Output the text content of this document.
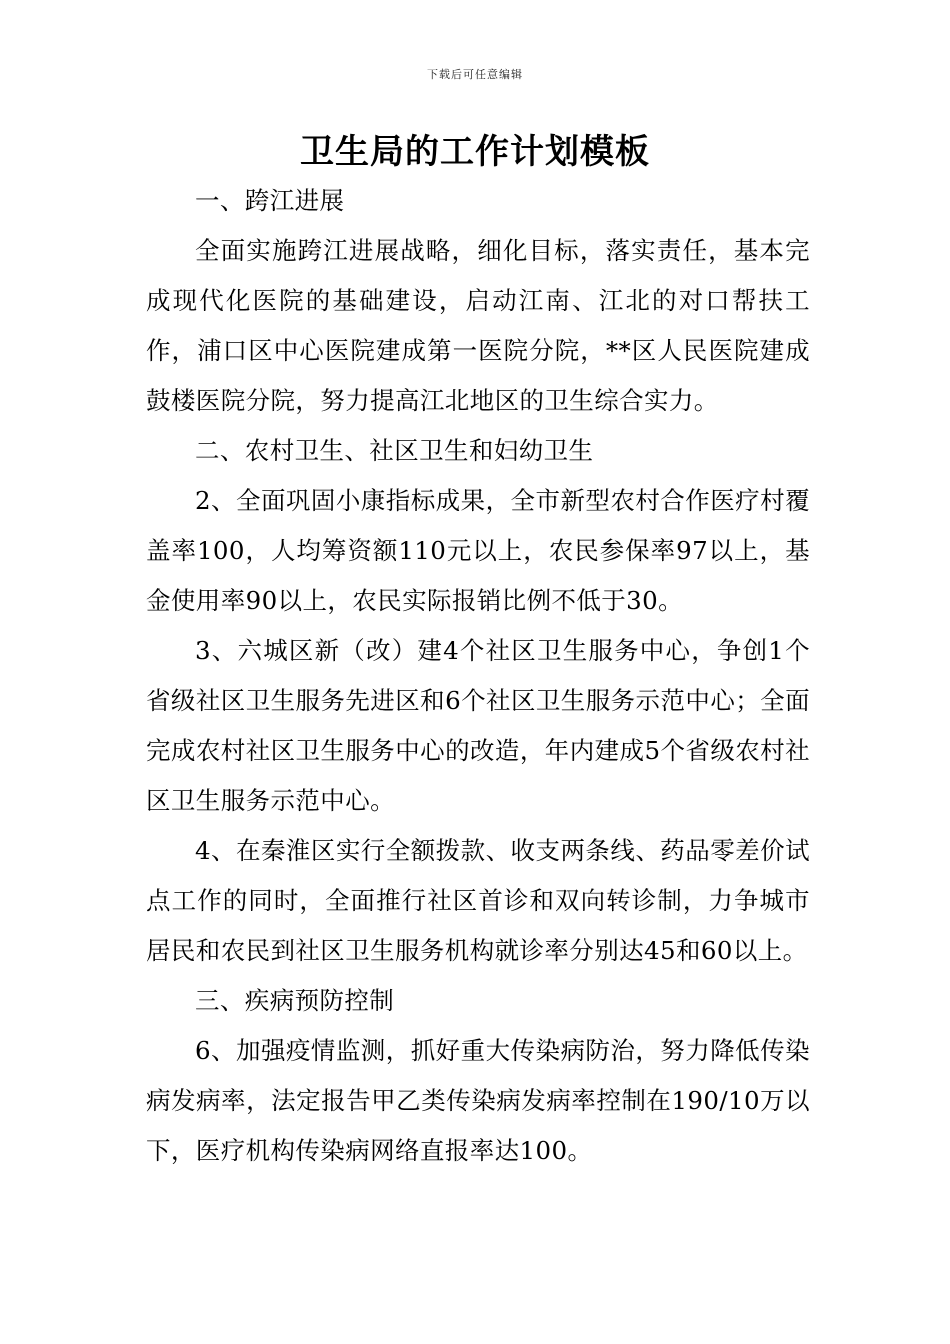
下载后可任意编辑
卫生局的工作计划模板

一、跨江进展

全面实施跨江进展战略，细化目标，落实责任，基本完成现代化医院的基础建设，启动江南、江北的对口帮扶工作，浦口区中心医院建成第一医院分院，**区人民医院建成鼓楼医院分院，努力提高江北地区的卫生综合实力。

二、农村卫生、社区卫生和妇幼卫生

2、全面巩固小康指标成果，全市新型农村合作医疗村覆盖率100，人均筹资额110元以上，农民参保率97以上，基金使用率90以上，农民实际报销比例不低于30。

3、六城区新（改）建4个社区卫生服务中心，争创1个省级社区卫生服务先进区和6个社区卫生服务示范中心；全面完成农村社区卫生服务中心的改造，年内建成5个省级农村社区卫生服务示范中心。

4、在秦淮区实行全额拨款、收支两条线、药品零差价试点工作的同时，全面推行社区首诊和双向转诊制，力争城市居民和农民到社区卫生服务机构就诊率分别达45和60以上。

三、疾病预防控制

6、加强疫情监测，抓好重大传染病防治，努力降低传染病发病率，法定报告甲乙类传染病发病率控制在190/10万以下，医疗机构传染病网络直报率达100。
